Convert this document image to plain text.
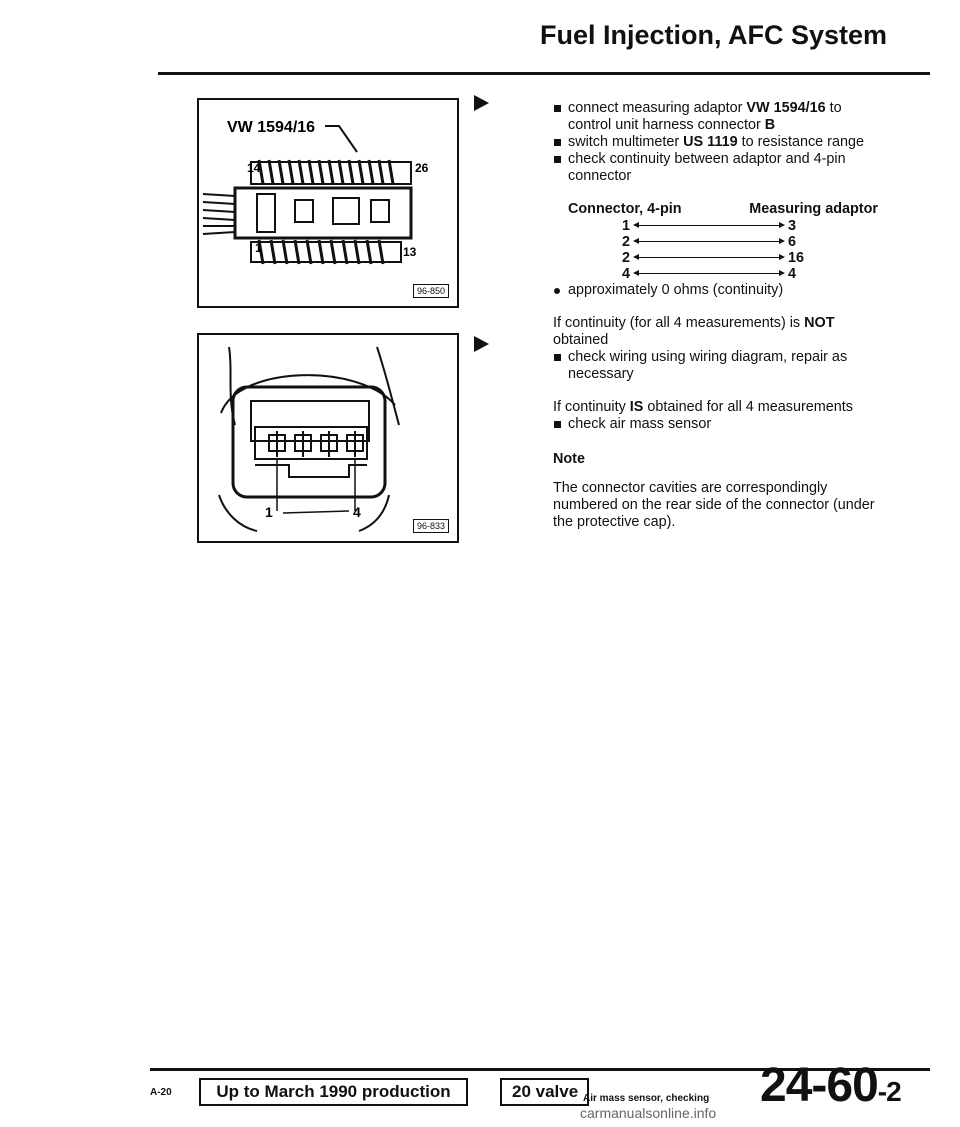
Fuel Injection, AFC System
VW 1594/16
14	26
1	13
96-850
1	4
96-833
connect measuring adaptor VW 1594/16 to control unit harness connector B
switch multimeter US 1119 to resistance range
check continuity between adaptor and 4-pin connector
Connector, 4-pin	Measuring adaptor
1	3
2	6
2	16
4	4
approximately 0 ohms (continuity)
If continuity (for all 4 measurements) is NOT obtained
check wiring using wiring diagram, repair as necessary
If continuity IS obtained for all 4 measurements
check air mass sensor
Note
The connector cavities are correspondingly numbered on the rear side of the connector (under the protective cap).
A-20	Up to March 1990 production	20 valve Air mass sensor, checking 24-60-2
carmanualsonline.info
